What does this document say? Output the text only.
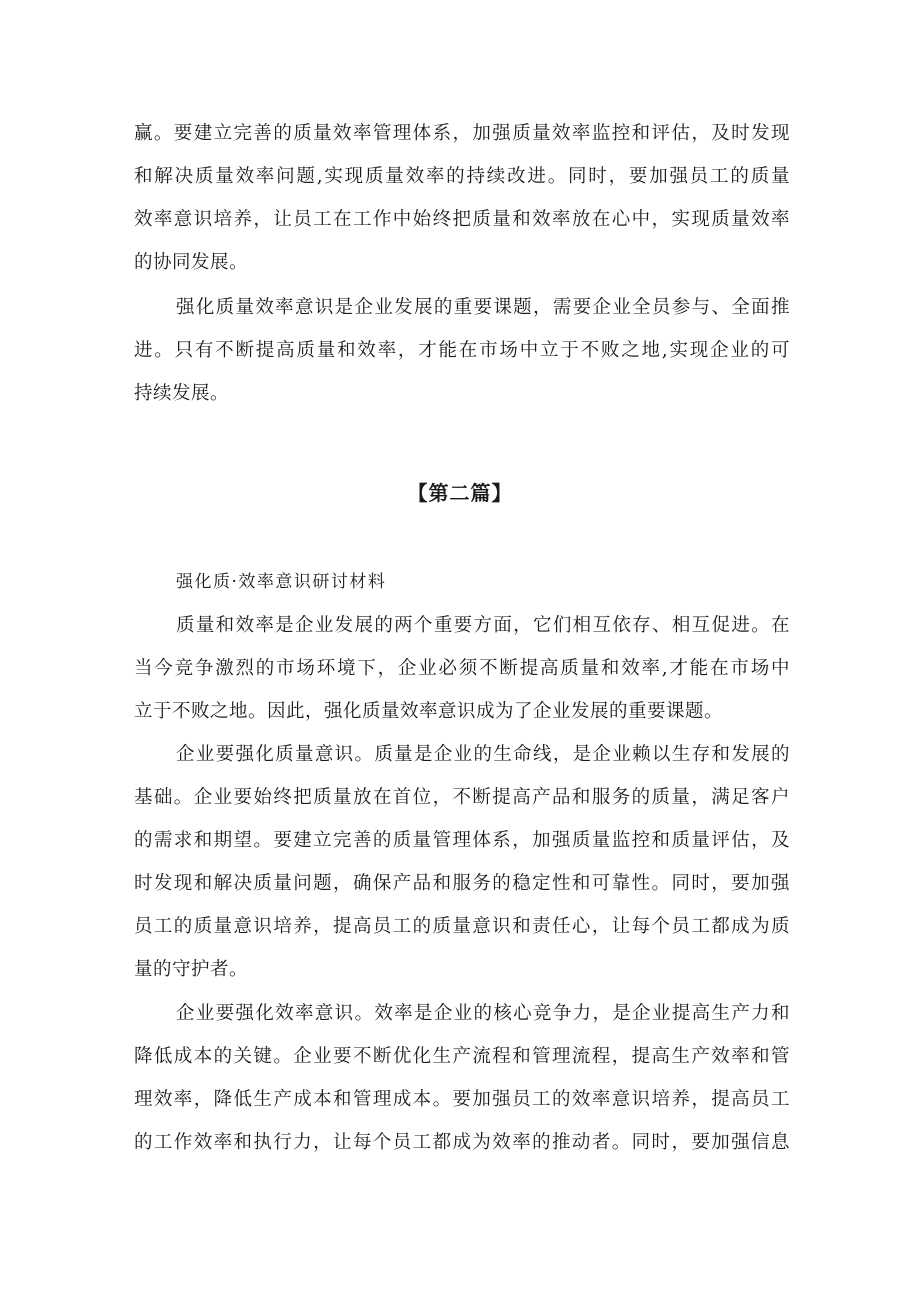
赢。要建立完善的质量效率管理体系，加强质量效率监控和评估，及时发现
和解决质量效率问题,实现质量效率的持续改进。同时，要加强员工的质量
效率意识培养，让员工在工作中始终把质量和效率放在心中，实现质量效率
的协同发展。
强化质量效率意识是企业发展的重要课题，需要企业全员参与、全面推
进。只有不断提高质量和效率，才能在市场中立于不败之地,实现企业的可
持续发展。
【第二篇】
强化质·效率意识研讨材料
质量和效率是企业发展的两个重要方面，它们相互依存、相互促进。在
当今竞争激烈的市场环境下，企业必须不断提高质量和效率,才能在市场中
立于不败之地。因此，强化质量效率意识成为了企业发展的重要课题。
企业要强化质量意识。质量是企业的生命线，是企业赖以生存和发展的
基础。企业要始终把质量放在首位，不断提高产品和服务的质量，满足客户
的需求和期望。要建立完善的质量管理体系，加强质量监控和质量评估，及
时发现和解决质量问题，确保产品和服务的稳定性和可靠性。同时，要加强
员工的质量意识培养，提高员工的质量意识和责任心，让每个员工都成为质
量的守护者。
企业要强化效率意识。效率是企业的核心竞争力，是企业提高生产力和
降低成本的关键。企业要不断优化生产流程和管理流程，提高生产效率和管
理效率，降低生产成本和管理成本。要加强员工的效率意识培养，提高员工
的工作效率和执行力，让每个员工都成为效率的推动者。同时，要加强信息
